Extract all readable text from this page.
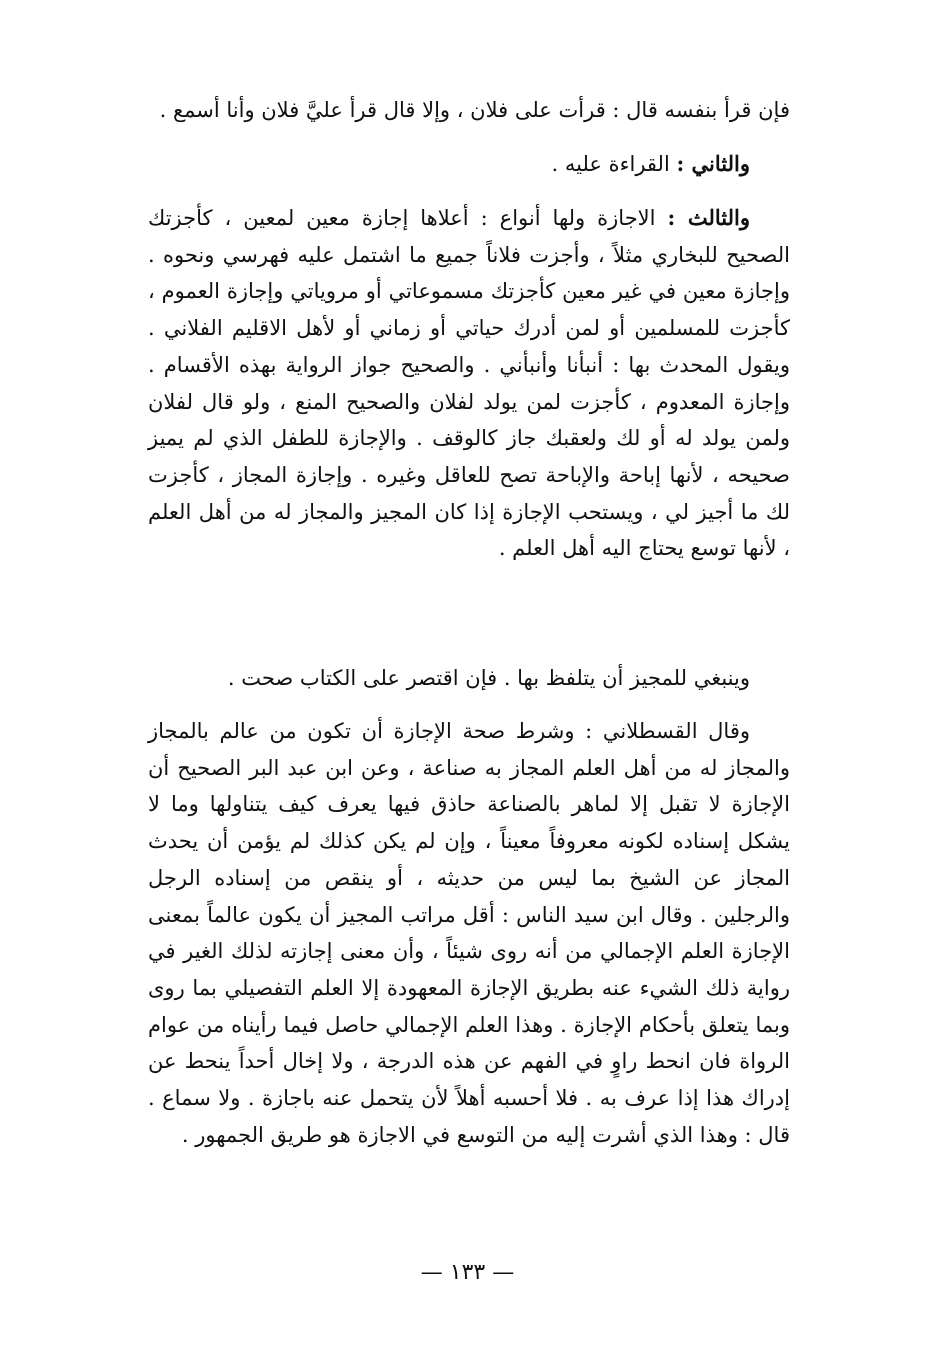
فإن قرأ بنفسه قال : قرأت على فلان ، وإلا قال قرأ عليَّ فلان وأنا أسمع .

والثاني : القراءة عليه .

والثالث : الاجازة ولها أنواع : أعلاها إجازة معين لمعين ، كأجزتك الصحيح للبخاري مثلاً ، وأجزت فلاناً جميع ما اشتمل عليه فهرسي ونحوه . وإجازة معين في غير معين كأجزتك مسموعاتي أو مروياتي وإجازة العموم ، كأجزت للمسلمين أو لمن أدرك حياتي أو زماني أو لأهل الاقليم الفلاني . ويقول المحدث بها : أنبأنا وأنبأني . والصحيح جواز الرواية بهذه الأقسام . وإجازة المعدوم ، كأجزت لمن يولد لفلان والصحيح المنع ، ولو قال لفلان ولمن يولد له أو لك ولعقبك جاز كالوقف . والإجازة للطفل الذي لم يميز صحيحه ، لأنها إباحة والإباحة تصح للعاقل وغيره . وإجازة المجاز ، كأجزت لك ما أجيز لي ، ويستحب الإجازة إذا كان المجيز والمجاز له من أهل العلم ، لأنها توسع يحتاج اليه أهل العلم .

وينبغي للمجيز أن يتلفظ بها . فإن اقتصر على الكتاب صحت .

وقال القسطلاني : وشرط صحة الإجازة أن تكون من عالم بالمجاز والمجاز له من أهل العلم المجاز به صناعة ، وعن ابن عبد البر الصحيح أن الإجازة لا تقبل إلا لماهر بالصناعة حاذق فيها يعرف كيف يتناولها وما لا يشكل إسناده لكونه معروفاً معيناً ، وإن لم يكن كذلك لم يؤمن أن يحدث المجاز عن الشيخ بما ليس من حديثه ، أو ينقص من إسناده الرجل والرجلين . وقال ابن سيد الناس : أقل مراتب المجيز أن يكون عالماً بمعنى الإجازة العلم الإجمالي من أنه روى شيئاً ، وأن معنى إجازته لذلك الغير في رواية ذلك الشيء عنه بطريق الإجازة المعهودة إلا العلم التفصيلي بما روى وبما يتعلق بأحكام الإجازة . وهذا العلم الإجمالي حاصل فيما رأيناه من عوام الرواة فان انحط راوٍ في الفهم عن هذه الدرجة ، ولا إخال أحداً ينحط عن إدراك هذا إذا عرف به . فلا أحسبه أهلاً لأن يتحمل عنه باجازة . ولا سماع . قال : وهذا الذي أشرت إليه من التوسع في الاجازة هو طريق الجمهور .

— ١٣٣ —
